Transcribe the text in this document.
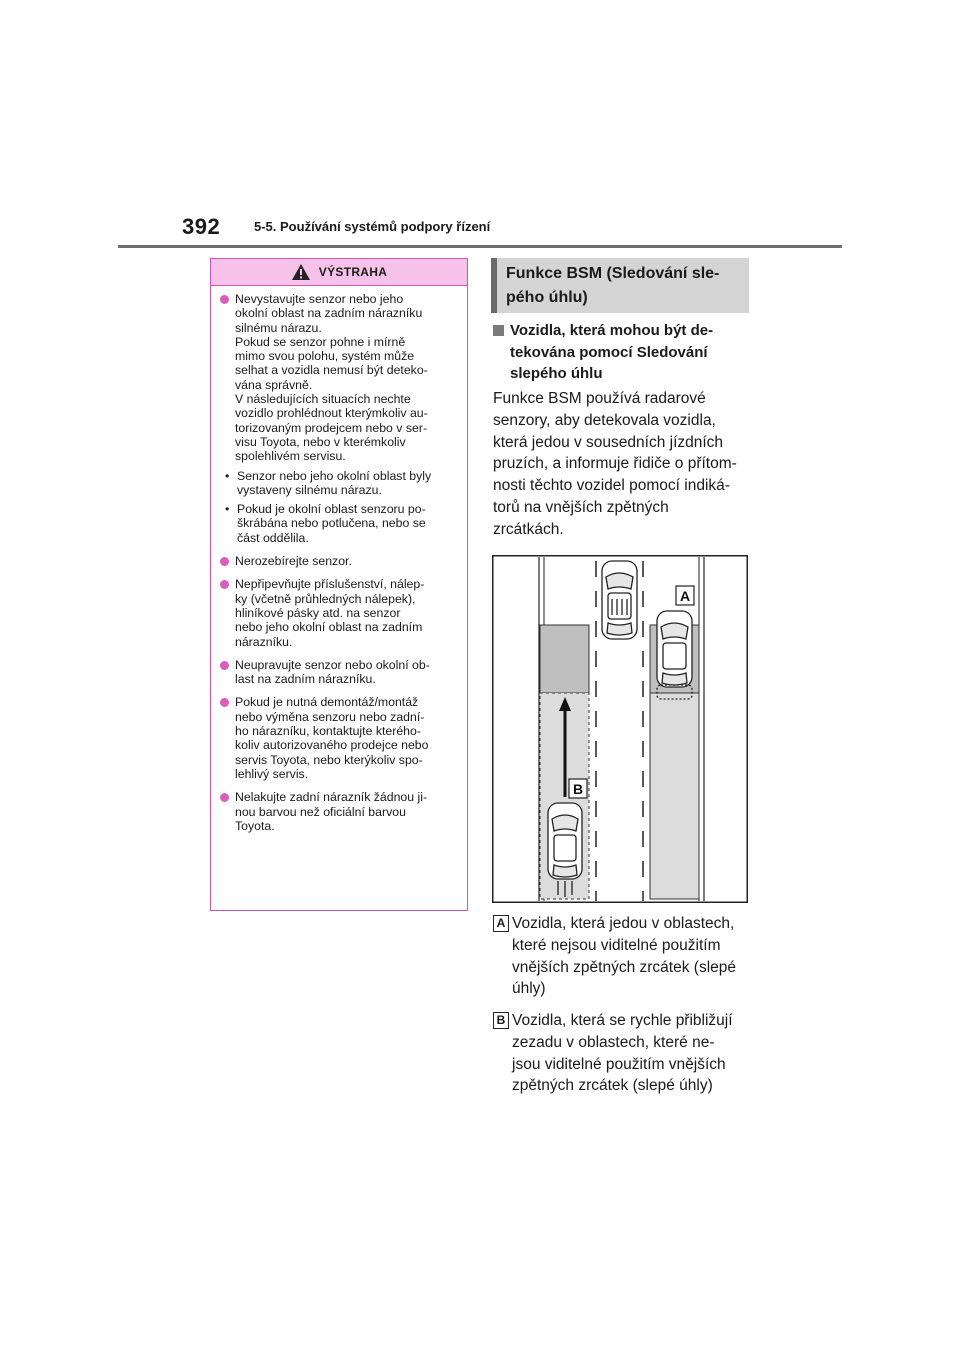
392	5-5. Používání systémů podpory řízení
VÝSTRAHA
Nevystavujte senzor nebo jeho
okolní oblast na zadním nárazníku
silnému nárazu.
Pokud se senzor pohne i mírně
mimo svou polohu, systém může
selhat a vozidla nemusí být deteko-
vána správně.
V následujících situacích nechte
vozidlo prohlédnout kterýmkoliv au-
torizovaným prodejcem nebo v ser-
visu Toyota, nebo v kterémkoliv
spolehlivém servisu.
• Senzor nebo jeho okolní oblast byly
vystaveny silnému nárazu.
• Pokud je okolní oblast senzoru po-
škrábána nebo potlučena, nebo se
část oddělila.
Nerozebírejte senzor.
Nepřipevňujte příslušenství, nálep-
ky (včetně průhledných nálepek),
hliníkové pásky atd. na senzor
nebo jeho okolní oblast na zadním
nárazníku.
Neupravujte senzor nebo okolní ob-
last na zadním nárazníku.
Pokud je nutná demontáž/montáž
nebo výměna senzoru nebo zadní-
ho nárazníku, kontaktujte kterého-
koliv autorizovaného prodejce nebo
servis Toyota, nebo kterýkoliv spo-
lehlivý servis.
Nelakujte zadní nárazník žádnou ji-
nou barvou než oficiální barvou
Toyota.
Funkce BSM (Sledování sle-
pého úhlu)
Vozidla, která mohou být de-
tekována pomocí Sledování
slepého úhlu
Funkce BSM používá radarové
senzory, aby detekovala vozidla,
která jedou v sousedních jízdních
pruzích, a informuje řidiče o přítom-
nosti těchto vozidel pomocí indiká-
torů na vnějších zpětných
zrcátkách.
A
B
A Vozidla, která jedou v oblastech,
které nejsou viditelné použitím
vnějších zpětných zrcátek (slepé
úhly)
B Vozidla, která se rychle přibližují
zezadu v oblastech, které ne-
jsou viditelné použitím vnějších
zpětných zrcátek (slepé úhly)
